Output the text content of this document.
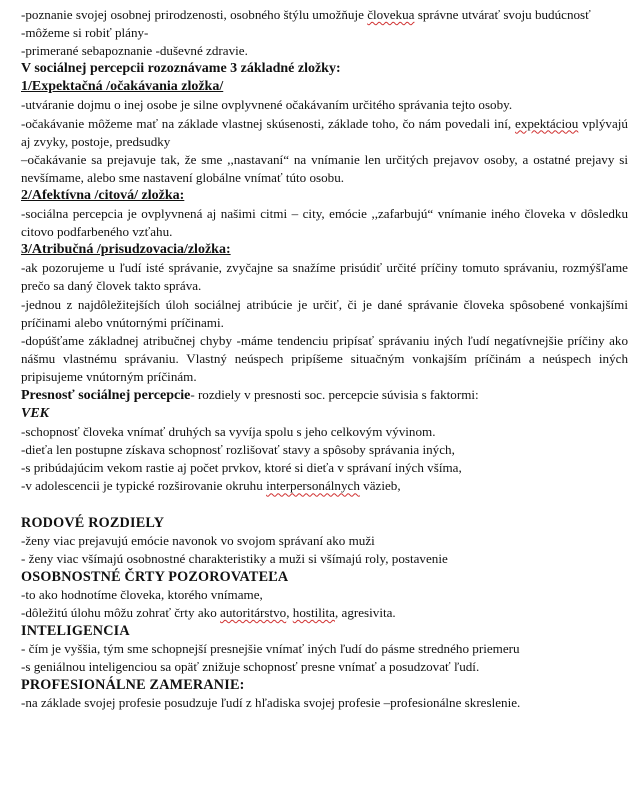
-poznanie svojej osobnej prirodzenosti, osobného štýlu umožňuje človekua správne utvárať svoju budúcnosť

-môžeme si robiť plány-

-primerané sebapoznanie -duševné zdravie.

V sociálnej percepcii rozoznávame 3 základné zložky:

1/Expektačná /očakávania zložka/

-utváranie dojmu o inej osobe je silne ovplyvnené očakávaním určitého správania tejto osoby.

-očakávanie môžeme mať na základe vlastnej skúsenosti, základe toho, čo nám povedali iní, expektáciou vplývajú aj zvyky, postoje, predsudky

–očakávanie sa prejavuje tak, že sme ,,nastavaní“ na vnímanie len určitých prejavov osoby, a ostatné prejavy si nevšímame, alebo sme nastavení globálne vnímať túto osobu.

2/Afektívna /citová/ zložka:

-sociálna percepcia je ovplyvnená aj našimi citmi – city, emócie ,,zafarbujú“ vnímanie iného človeka v dôsledku citovo podfarbeného vzťahu.

3/Atribučná /prisudzovacia/zložka:

-ak pozorujeme u ľudí isté správanie, zvyčajne sa snažíme prisúdiť určité príčiny tomuto správaniu, rozmýšľame prečo sa daný človek takto správa.

-jednou z najdôležitejších úloh sociálnej atribúcie je určiť, či je dané správanie človeka spôsobené vonkajšími príčinami alebo vnútornými príčinami.

-dopúšťame základnej atribučnej chyby -máme tendenciu pripísať správaniu iných ľudí negatívnejšie príčiny ako nášmu vlastnému správaniu. Vlastný neúspech pripíšeme situačným vonkajším príčinám a neúspech iných pripisujeme vnútorným príčinám.

Presnosť sociálnej percepcie- rozdiely v presnosti soc. percepcie súvisia s faktormi:

VEK

-schopnosť človeka vnímať druhých sa vyvíja spolu s jeho celkovým vývinom.

-dieťa len postupne získava schopnosť rozlišovať stavy a spôsoby správania iných,

-s pribúdajúcim vekom rastie aj počet prvkov, ktoré si dieťa v správaní iných všíma,

-v adolescencii je typické rozširovanie okruhu interpersonálnych väzieb,

RODOVÉ ROZDIELY

-ženy viac prejavujú emócie navonok vo svojom správaní ako muži

- ženy viac všímajú osobnostné charakteristiky a muži si všímajú roly, postavenie

OSOBNOSTNÉ ČRTY POZOROVATEĽA

-to ako hodnotíme človeka, ktorého vnímame,

-dôležitú úlohu môžu zohrať črty ako autoritárstvo, hostilita, agresivita.

INTELIGENCIA

- čím je vyššia, tým sme schopnejší presnejšie vnímať iných ľudí do pásme stredného priemeru

-s geniálnou inteligenciou sa opäť znižuje schopnosť presne vnímať a posudzovať ľudí.

PROFESIONÁLNE ZAMERANIE:

-na základe svojej profesie posudzuje ľudí z hľadiska svojej profesie –profesionálne skreslenie.
